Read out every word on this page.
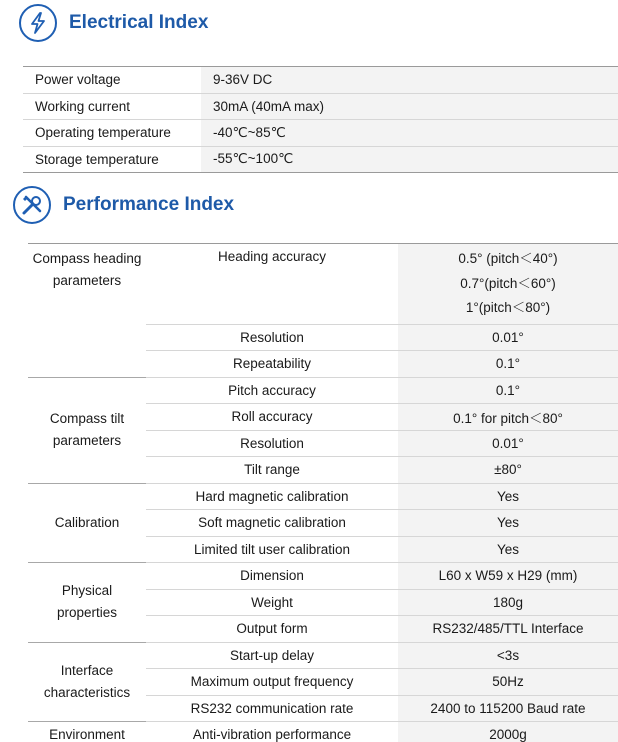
Electrical Index
Power voltage	9-36V DC
Working current	30mA (40mA max)
Operating temperature	-40℃~85℃
Storage temperature	-55℃~100℃
Performance Index
Compass heading parameters	Heading accuracy	0.5° (pitch＜40°)
0.7°(pitch＜60°)
1°(pitch＜80°)

	Resolution	0.01°
	Repeatability	0.1°
Compass tilt parameters	Pitch accuracy	0.1°
	Roll accuracy	0.1° for pitch＜80°
	Resolution	0.01°
	Tilt range	±80°
Calibration	Hard magnetic calibration	Yes
	Soft magnetic calibration	Yes
	Limited tilt user calibration	Yes
Physical properties	Dimension	L60 x W59 x H29 (mm)
	Weight	180g
	Output form	RS232/485/TTL Interface
Interface characteristics	Start-up delay	<3s
	Maximum output frequency	50Hz
	RS232 communication rate	2400 to 115200 Baud rate
Environment	Anti-vibration performance	2000g
